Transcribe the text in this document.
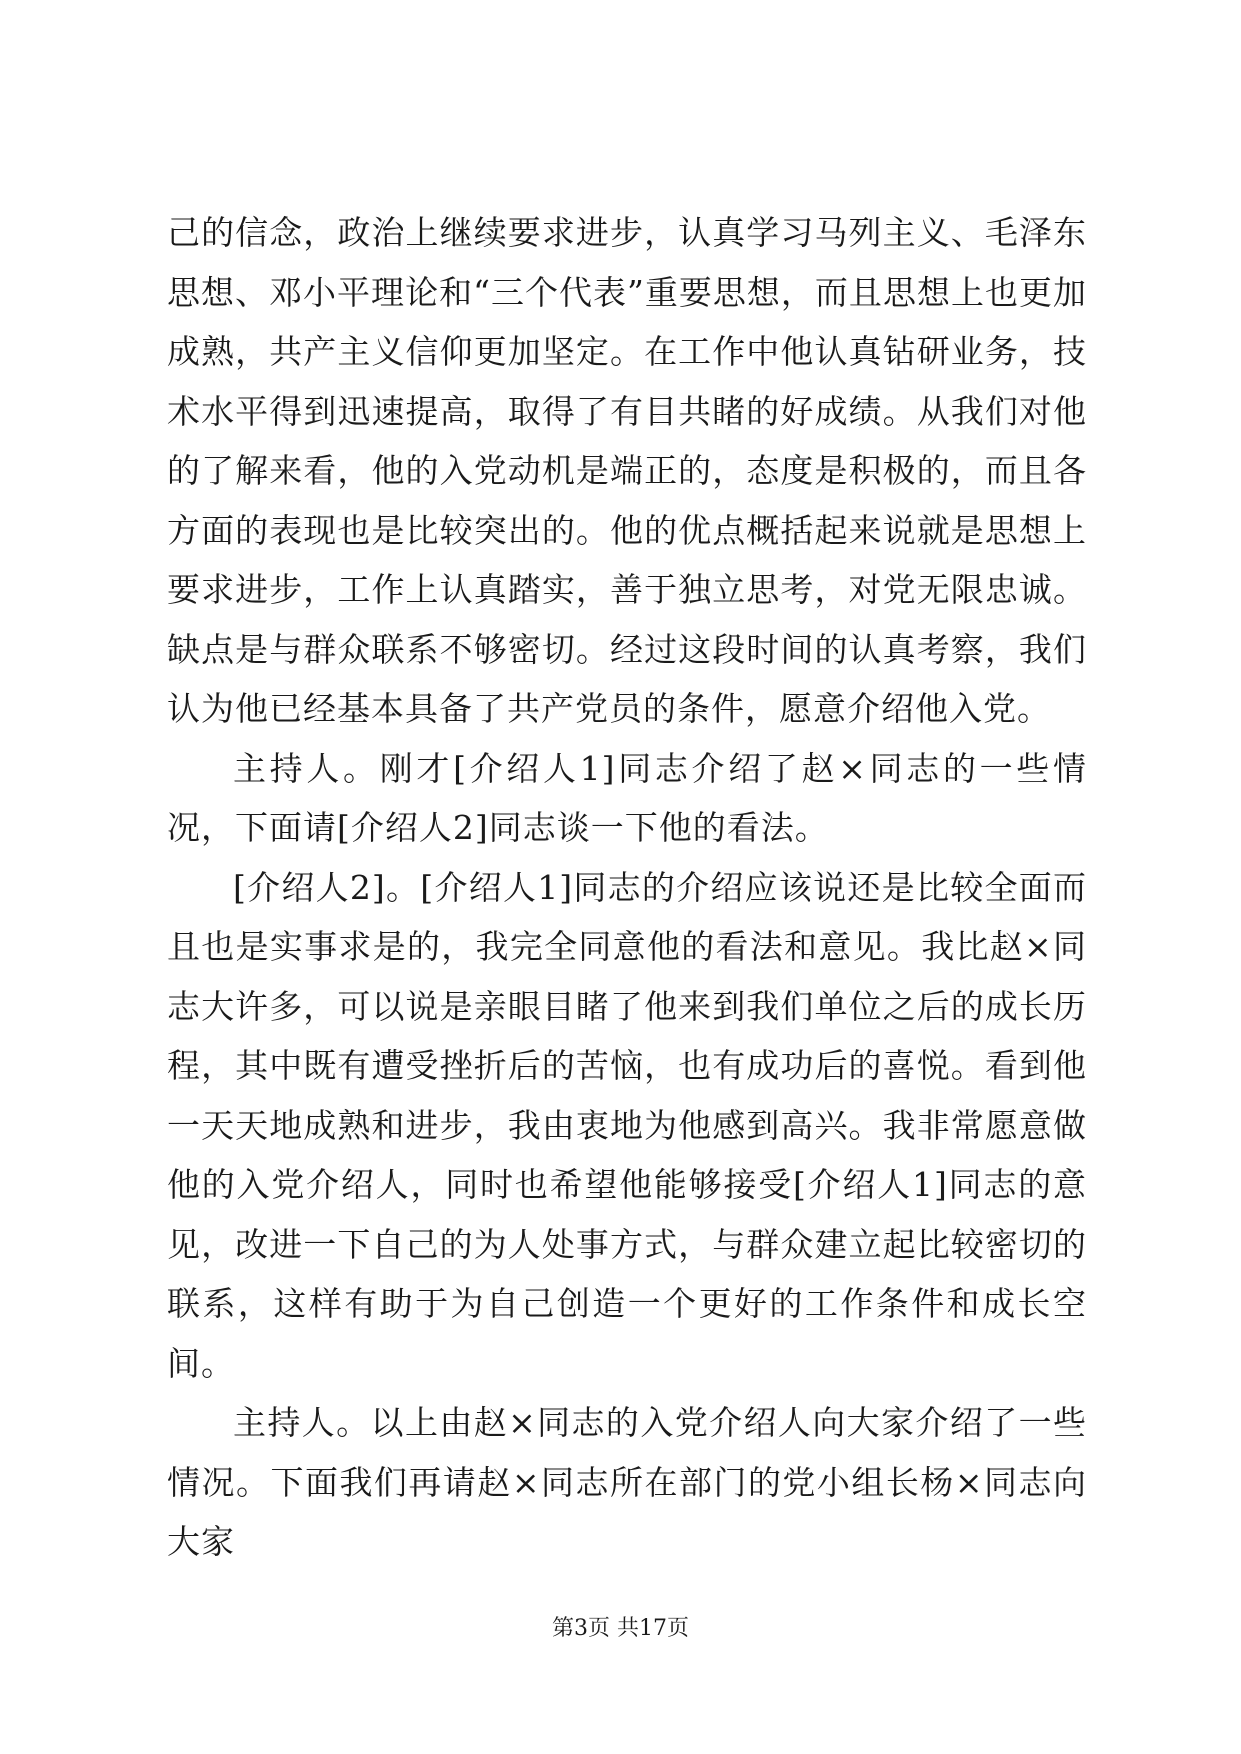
己的信念，政治上继续要求进步，认真学习马列主义、毛泽东思想、邓小平理论和“三个代表”重要思想，而且思想上也更加成熟，共产主义信仰更加坚定。在工作中他认真钻研业务，技术水平得到迅速提高，取得了有目共睹的好成绩。从我们对他的了解来看，他的入党动机是端正的，态度是积极的，而且各方面的表现也是比较突出的。他的优点概括起来说就是思想上要求进步，工作上认真踏实，善于独立思考，对党无限忠诚。缺点是与群众联系不够密切。经过这段时间的认真考察，我们认为他已经基本具备了共产党员的条件，愿意介绍他入党。

主持人。刚才[介绍人1]同志介绍了赵×同志的一些情况，下面请[介绍人2]同志谈一下他的看法。

[介绍人2]。[介绍人1]同志的介绍应该说还是比较全面而且也是实事求是的，我完全同意他的看法和意见。我比赵×同志大许多，可以说是亲眼目睹了他来到我们单位之后的成长历程，其中既有遭受挫折后的苦恼，也有成功后的喜悦。看到他一天天地成熟和进步，我由衷地为他感到高兴。我非常愿意做他的入党介绍人，同时也希望他能够接受[介绍人1]同志的意见，改进一下自己的为人处事方式，与群众建立起比较密切的联系，这样有助于为自己创造一个更好的工作条件和成长空间。

主持人。以上由赵×同志的入党介绍人向大家介绍了一些情况。下面我们再请赵×同志所在部门的党小组长杨×同志向大家

第3页 共17页
